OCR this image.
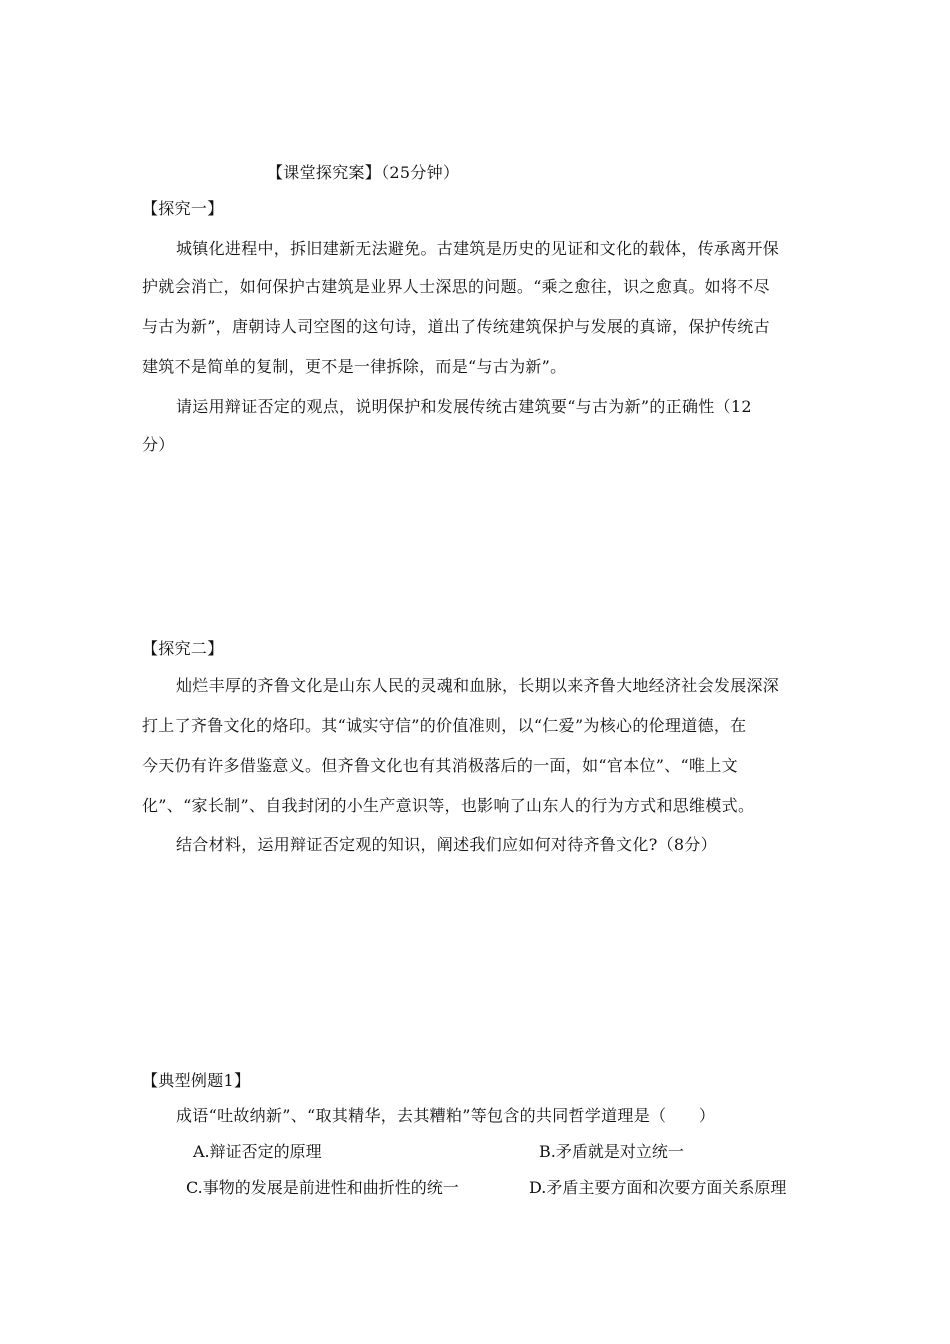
【课堂探究案】（25分钟）
【探究一】
城镇化进程中，拆旧建新无法避免。古建筑是历史的见证和文化的载体，传承离开保
护就会消亡，如何保护古建筑是业界人士深思的问题。“乘之愈往，识之愈真。如将不尽
与古为新”，唐朝诗人司空图的这句诗，道出了传统建筑保护与发展的真谛，保护传统古
建筑不是简单的复制，更不是一律拆除，而是“与古为新”。
请运用辩证否定的观点，说明保护和发展传统古建筑要“与古为新”的正确性（12
分）
【探究二】
灿烂丰厚的齐鲁文化是山东人民的灵魂和血脉，长期以来齐鲁大地经济社会发展深深
打上了齐鲁文化的烙印。其“诚实守信”的价值准则，以“仁爱”为核心的伦理道德，在
今天仍有许多借鉴意义。但齐鲁文化也有其消极落后的一面，如“官本位”、“唯上文
化”、“家长制”、自我封闭的小生产意识等，也影响了山东人的行为方式和思维模式。
结合材料，运用辩证否定观的知识，阐述我们应如何对待齐鲁文化?（8分）
【典型例题1】
成语“吐故纳新”、“取其精华，去其糟粕”等包含的共同哲学道理是（　　）
A.辩证否定的原理	B.矛盾就是对立统一
C.事物的发展是前进性和曲折性的统一	D.矛盾主要方面和次要方面关系原理
